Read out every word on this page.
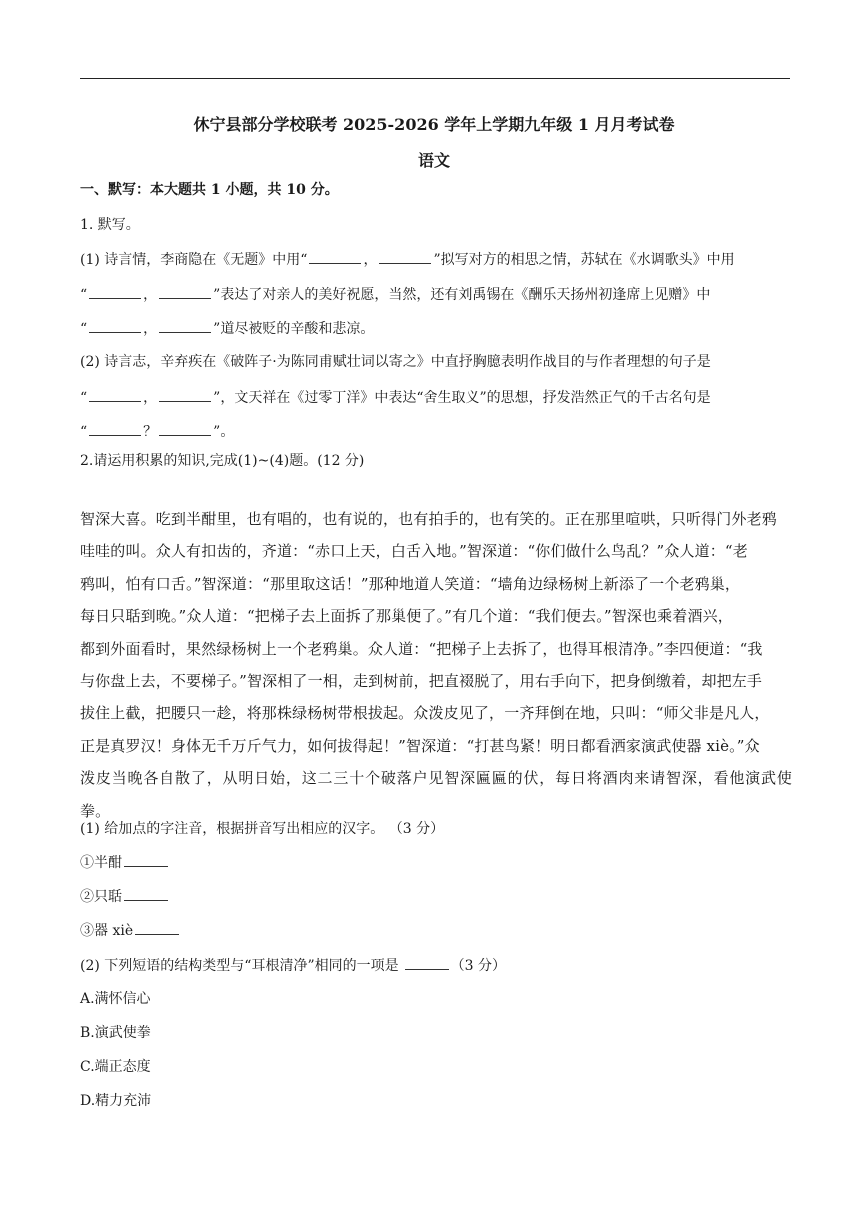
休宁县部分学校联考 2025-2026 学年上学期九年级 1 月月考试卷
语文
一、默写：本大题共 1 小题，共 10 分。
1. 默写。
(1) 诗言情，李商隐在《无题》中用“	，	”拟写对方的相思之情，苏轼在《水调歌头》中用
“	，	”表达了对亲人的美好祝愿，当然，还有刘禹锡在《酬乐天扬州初逢席上见赠》中
“	，	”道尽被贬的辛酸和悲凉。
(2) 诗言志，辛弃疾在《破阵子·为陈同甫赋壮词以寄之》中直抒胸臆表明作战目的与作者理想的句子是
“	，	”，文天祥在《过零丁洋》中表达“舍生取义”的思想，抒发浩然正气的千古名句是
“	？	”。
2.请运用积累的知识,完成(1)~(4)题。(12 分)
智深大喜。吃到半酣里，也有唱的，也有说的，也有拍手的，也有笑的。正在那里喧哄，只听得门外老鸦
哇哇的叫。众人有扣齿的，齐道：“赤口上天，白舌入地。”智深道：“你们做什么鸟乱？”众人道：“老
鸦叫，怕有口舌。”智深道：“那里取这话！”那种地道人笑道：“墙角边绿杨树上新添了一个老鸦巢，
每日只聒到晚。”众人道：“把梯子去上面拆了那巢便了。”有几个道：“我们便去。”智深也乘着酒兴，
都到外面看时，果然绿杨树上一个老鸦巢。众人道：“把梯子上去拆了，也得耳根清净。”李四便道：“我
与你盘上去，不要梯子。”智深相了一相，走到树前，把直裰脱了，用右手向下，把身倒缴着，却把左手
拔住上截，把腰只一趁，将那株绿杨树带根拔起。众泼皮见了，一齐拜倒在地，只叫：“师父非是凡人，
正是真罗汉！身体无千万斤气力，如何拔得起！”智深道：“打甚鸟紧！明日都看洒家演武使器 xiè。”众
泼皮当晚各自散了，从明日始，这二三十个破落户见智深匾匾的伏，每日将酒肉来请智深，看他演武使拳。
(1) 给加点的字注音，根据拼音写出相应的汉字。 （3 分）
①半酣
②只聒
③器 xiè
(2) 下列短语的结构类型与“耳根清净”相同的一项是	（3 分）
A.满怀信心
B.演武使拳
C.端正态度
D.精力充沛
